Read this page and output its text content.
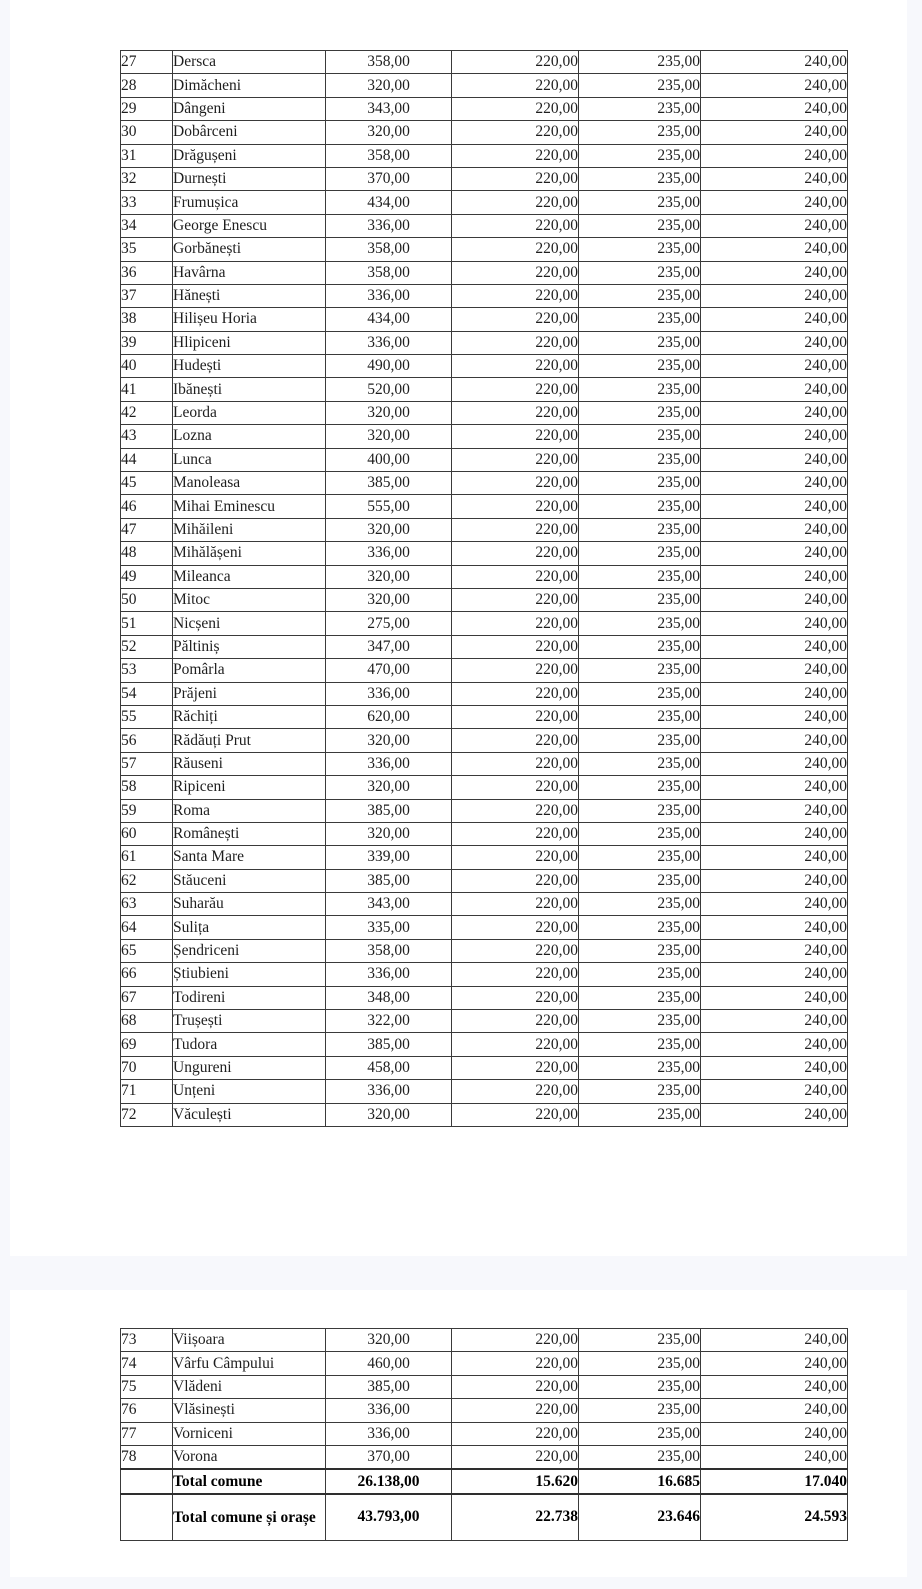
27	Dersca	358,00	220,00	235,00	240,00
28	Dimăcheni	320,00	220,00	235,00	240,00
29	Dângeni	343,00	220,00	235,00	240,00
30	Dobârceni	320,00	220,00	235,00	240,00
31	Drăgușeni	358,00	220,00	235,00	240,00
32	Durnești	370,00	220,00	235,00	240,00
33	Frumușica	434,00	220,00	235,00	240,00
34	George Enescu	336,00	220,00	235,00	240,00
35	Gorbănești	358,00	220,00	235,00	240,00
36	Havârna	358,00	220,00	235,00	240,00
37	Hănești	336,00	220,00	235,00	240,00
38	Hilișeu Horia	434,00	220,00	235,00	240,00
39	Hlipiceni	336,00	220,00	235,00	240,00
40	Hudești	490,00	220,00	235,00	240,00
41	Ibănești	520,00	220,00	235,00	240,00
42	Leorda	320,00	220,00	235,00	240,00
43	Lozna	320,00	220,00	235,00	240,00
44	Lunca	400,00	220,00	235,00	240,00
45	Manoleasa	385,00	220,00	235,00	240,00
46	Mihai Eminescu	555,00	220,00	235,00	240,00
47	Mihăileni	320,00	220,00	235,00	240,00
48	Mihălășeni	336,00	220,00	235,00	240,00
49	Mileanca	320,00	220,00	235,00	240,00
50	Mitoc	320,00	220,00	235,00	240,00
51	Nicșeni	275,00	220,00	235,00	240,00
52	Păltiniș	347,00	220,00	235,00	240,00
53	Pomârla	470,00	220,00	235,00	240,00
54	Prăjeni	336,00	220,00	235,00	240,00
55	Răchiți	620,00	220,00	235,00	240,00
56	Rădăuți Prut	320,00	220,00	235,00	240,00
57	Răuseni	336,00	220,00	235,00	240,00
58	Ripiceni	320,00	220,00	235,00	240,00
59	Roma	385,00	220,00	235,00	240,00
60	Românești	320,00	220,00	235,00	240,00
61	Santa Mare	339,00	220,00	235,00	240,00
62	Stăuceni	385,00	220,00	235,00	240,00
63	Suharău	343,00	220,00	235,00	240,00
64	Sulița	335,00	220,00	235,00	240,00
65	Șendriceni	358,00	220,00	235,00	240,00
66	Știubieni	336,00	220,00	235,00	240,00
67	Todireni	348,00	220,00	235,00	240,00
68	Trușești	322,00	220,00	235,00	240,00
69	Tudora	385,00	220,00	235,00	240,00
70	Ungureni	458,00	220,00	235,00	240,00
71	Unțeni	336,00	220,00	235,00	240,00
72	Văculești	320,00	220,00	235,00	240,00
73	Viișoara	320,00	220,00	235,00	240,00
74	Vârfu Câmpului	460,00	220,00	235,00	240,00
75	Vlădeni	385,00	220,00	235,00	240,00
76	Vlăsinești	336,00	220,00	235,00	240,00
77	Vorniceni	336,00	220,00	235,00	240,00
78	Vorona	370,00	220,00	235,00	240,00
	Total comune	26.138,00	15.620	16.685	17.040
	Total comune și orașe	43.793,00	22.738	23.646	24.593
